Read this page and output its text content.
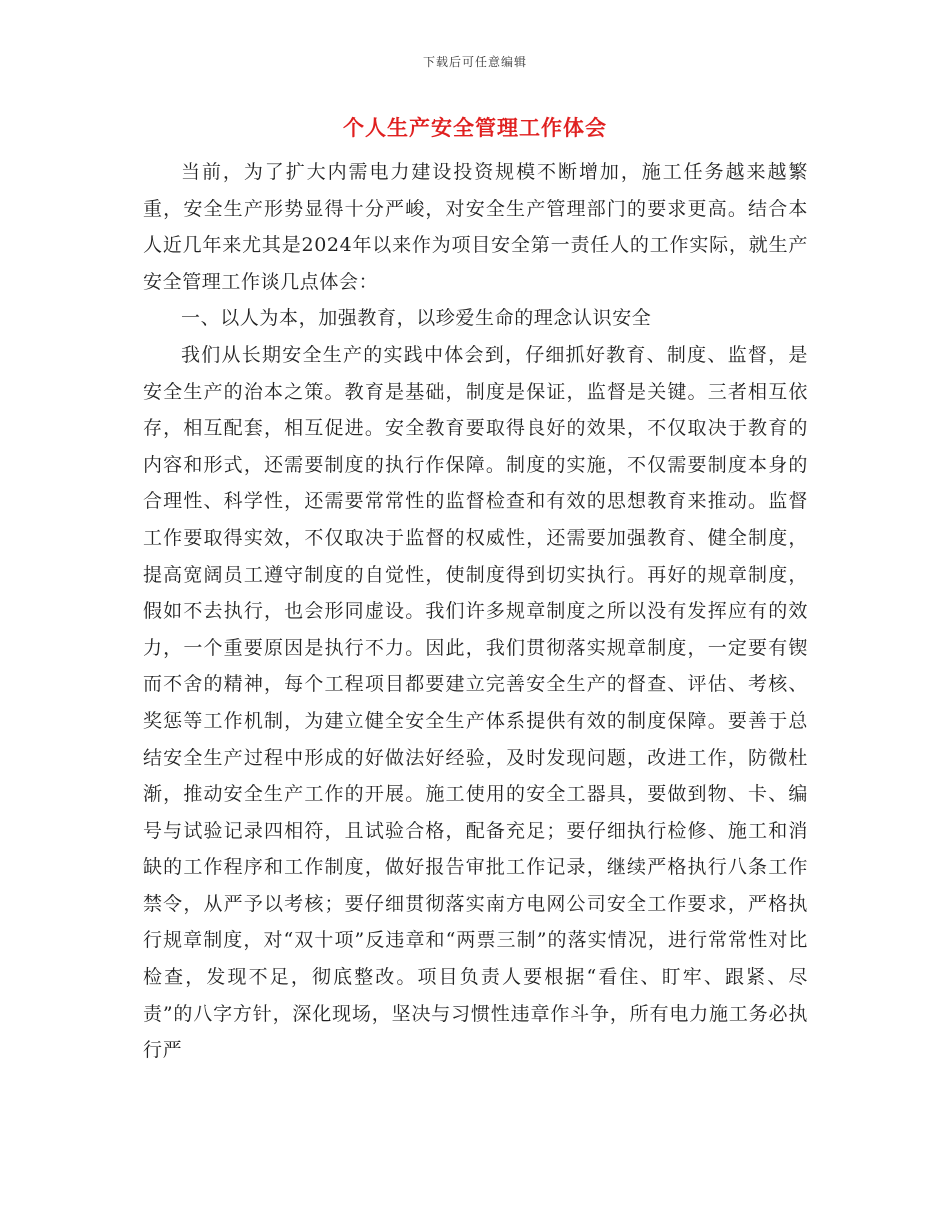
下载后可任意编辑
个人生产安全管理工作体会

当前，为了扩大内需电力建设投资规模不断增加，施工任务越来越繁重，安全生产形势显得十分严峻，对安全生产管理部门的要求更高。结合本人近几年来尤其是2024年以来作为项目安全第一责任人的工作实际，就生产安全管理工作谈几点体会：

一、以人为本，加强教育，以珍爱生命的理念认识安全

我们从长期安全生产的实践中体会到，仔细抓好教育、制度、监督，是安全生产的治本之策。教育是基础，制度是保证，监督是关键。三者相互依存，相互配套，相互促进。安全教育要取得良好的效果，不仅取决于教育的内容和形式，还需要制度的执行作保障。制度的实施，不仅需要制度本身的合理性、科学性，还需要常常性的监督检查和有效的思想教育来推动。监督工作要取得实效，不仅取决于监督的权威性，还需要加强教育、健全制度，提高宽阔员工遵守制度的自觉性，使制度得到切实执行。再好的规章制度，假如不去执行，也会形同虚设。我们许多规章制度之所以没有发挥应有的效力，一个重要原因是执行不力。因此，我们贯彻落实规章制度，一定要有锲而不舍的精神，每个工程项目都要建立完善安全生产的督查、评估、考核、奖惩等工作机制，为建立健全安全生产体系提供有效的制度保障。要善于总结安全生产过程中形成的好做法好经验，及时发现问题，改进工作，防微杜渐，推动安全生产工作的开展。施工使用的安全工器具，要做到物、卡、编号与试验记录四相符，且试验合格，配备充足；要仔细执行检修、施工和消缺的工作程序和工作制度，做好报告审批工作记录，继续严格执行八条工作禁令，从严予以考核；要仔细贯彻落实南方电网公司安全工作要求，严格执行规章制度，对“双十项”反违章和“两票三制”的落实情况，进行常常性对比检查，发现不足，彻底整改。项目负责人要根据“看住、盯牢、跟紧、尽责”的八字方针，深化现场，坚决与习惯性违章作斗争，所有电力施工务必执行严
